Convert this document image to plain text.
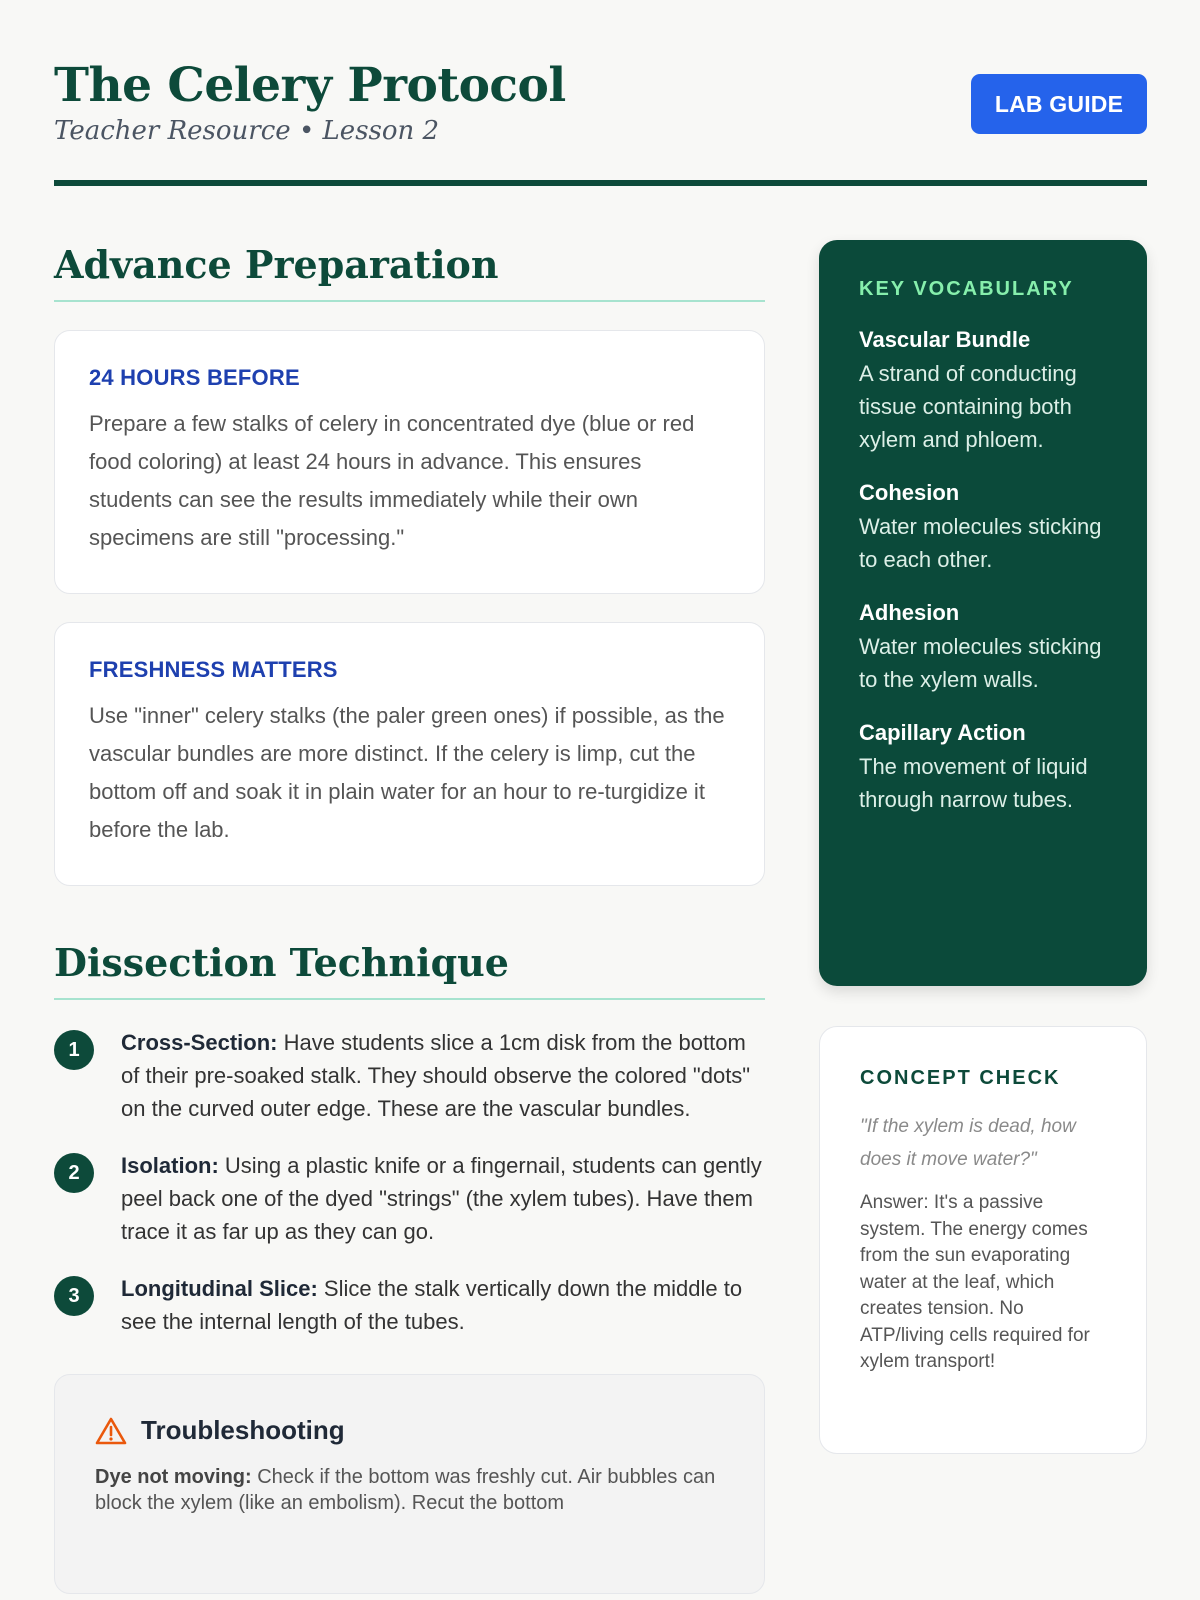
The Celery Protocol
Teacher Resource • Lesson 2
LAB GUIDE
Advance Preparation
24 HOURS BEFORE

Prepare a few stalks of celery in concentrated dye (blue or red food coloring) at least 24 hours in advance. This ensures students can see the results immediately while their own specimens are still "processing."

FRESHNESS MATTERS

Use "inner" celery stalks (the paler green ones) if possible, as the vascular bundles are more distinct. If the celery is limp, cut the bottom off and soak it in plain water for an hour to re-turgidize it before the lab.

Dissection Technique
1	Cross-Section: Have students slice a 1cm disk from the bottom of their pre-soaked stalk. They should observe the colored "dots" on the curved outer edge. These are the vascular bundles.
2	Isolation: Using a plastic knife or a fingernail, students can gently peel back one of the dyed "strings" (the xylem tubes). Have them trace it as far up as they can go.
3	Longitudinal Slice: Slice the stalk vertically down the middle to see the internal length of the tubes.
Troubleshooting

Dye not moving: Check if the bottom was freshly cut. Air bubbles can block the xylem (like an embolism). Recut the bottom

KEY VOCABULARY
Vascular Bundle
A strand of conducting tissue containing both xylem and phloem.
Cohesion
Water molecules sticking to each other.
Adhesion
Water molecules sticking to the xylem walls.
Capillary Action
The movement of liquid through narrow tubes.
CONCEPT CHECK

"If the xylem is dead, how does it move water?"

Answer: It's a passive system. The energy comes from the sun evaporating water at the leaf, which creates tension. No ATP/living cells required for xylem transport!
